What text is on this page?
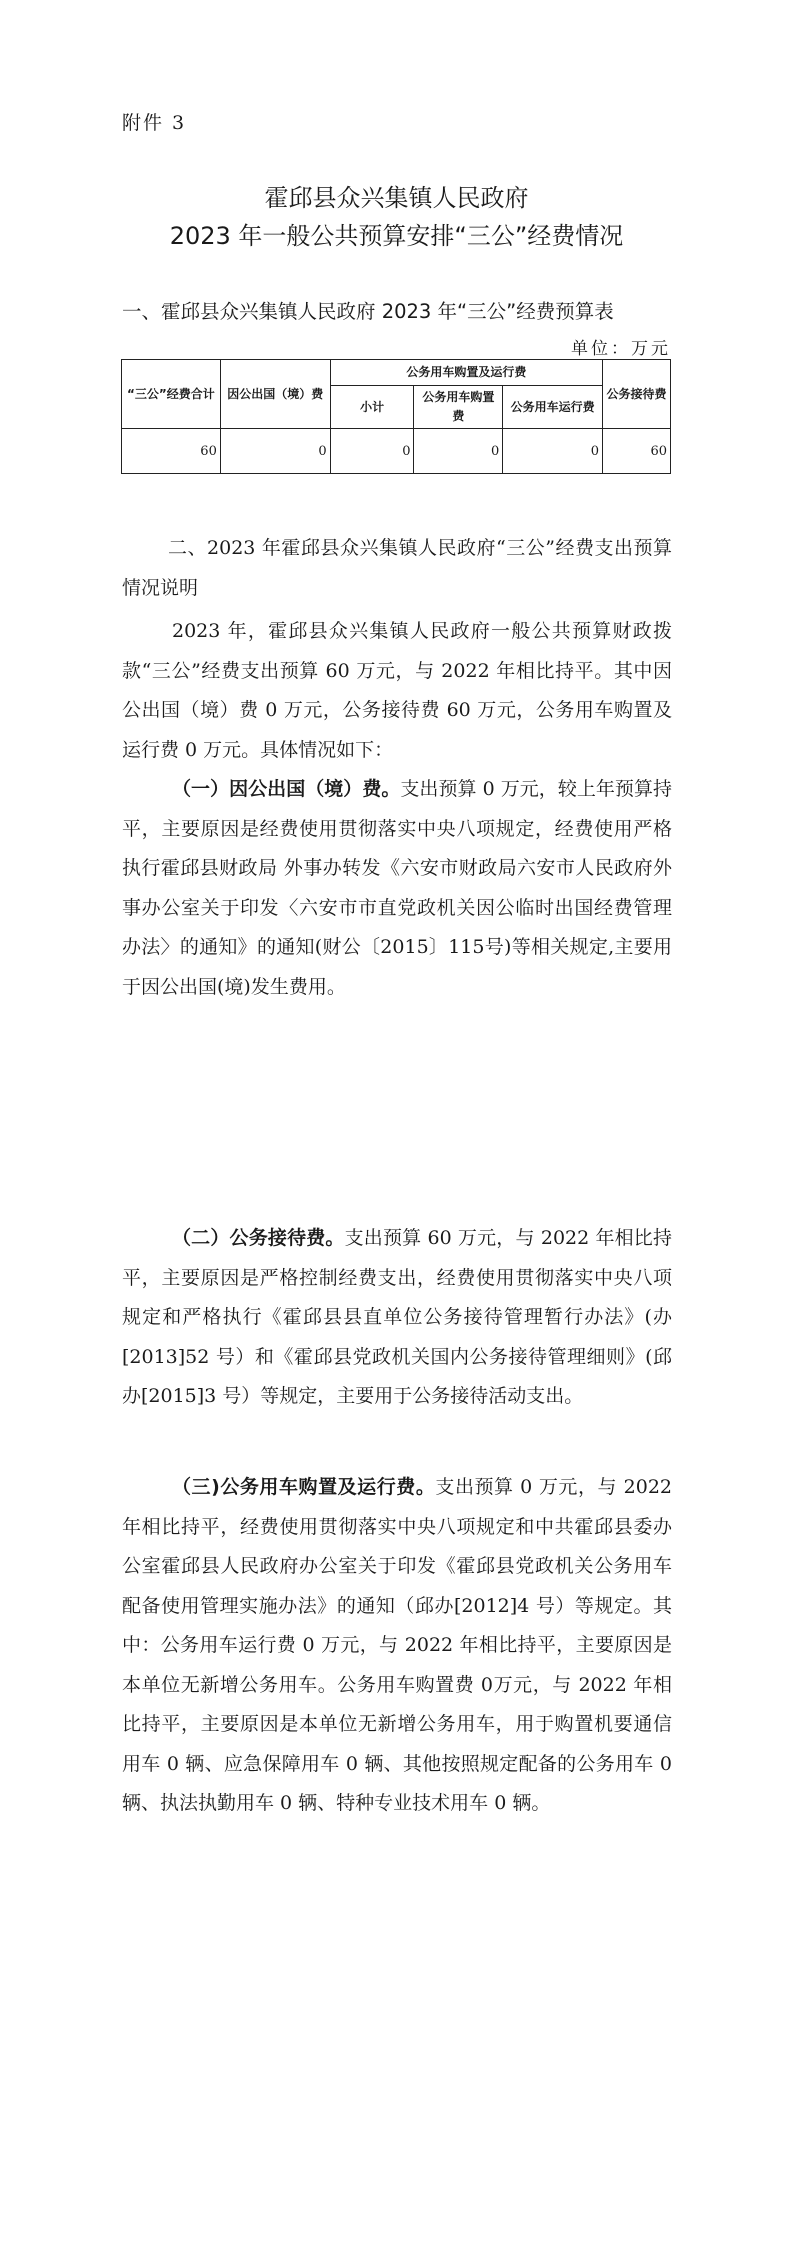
附件 3
霍邱县众兴集镇人民政府
2023 年一般公共预算安排“三公”经费情况
一、霍邱县众兴集镇人民政府 2023 年“三公”经费预算表
单位：万元
“三公”经费合计	因公出国（境）费	公务用车购置及运行费			公务接待费
		小计	公务用车购置费	公务用车运行费	
60	0	0	0	0	60
二、2023 年霍邱县众兴集镇人民政府“三公”经费支出预算情况说明

2023 年，霍邱县众兴集镇人民政府一般公共预算财政拨款“三公”经费支出预算 60 万元，与 2022 年相比持平。其中因公出国（境）费 0 万元，公务接待费 60 万元，公务用车购置及运行费 0 万元。具体情况如下：

（一）因公出国（境）费。支出预算 0 万元，较上年预算持平，主要原因是经费使用贯彻落实中央八项规定，经费使用严格执行霍邱县财政局 外事办转发《六安市财政局六安市人民政府外事办公室关于印发〈六安市市直党政机关因公临时出国经费管理办法〉的通知》的通知(财公〔2015〕115号)等相关规定,主要用于因公出国(境)发生费用。

（二）公务接待费。支出预算 60 万元，与 2022 年相比持平，主要原因是严格控制经费支出，经费使用贯彻落实中央八项规定和严格执行《霍邱县县直单位公务接待管理暂行办法》(办[2013]52 号）和《霍邱县党政机关国内公务接待管理细则》(邱办[2015]3 号）等规定，主要用于公务接待活动支出。

（三)公务用车购置及运行费。支出预算 0 万元，与 2022 年相比持平，经费使用贯彻落实中央八项规定和中共霍邱县委办公室霍邱县人民政府办公室关于印发《霍邱县党政机关公务用车配备使用管理实施办法》的通知（邱办[2012]4 号）等规定。其中：公务用车运行费 0 万元，与 2022 年相比持平，主要原因是本单位无新增公务用车。公务用车购置费 0万元，与 2022 年相比持平，主要原因是本单位无新增公务用车，用于购置机要通信用车 0 辆、应急保障用车 0 辆、其他按照规定配备的公务用车 0 辆、执法执勤用车 0 辆、特种专业技术用车 0 辆。
